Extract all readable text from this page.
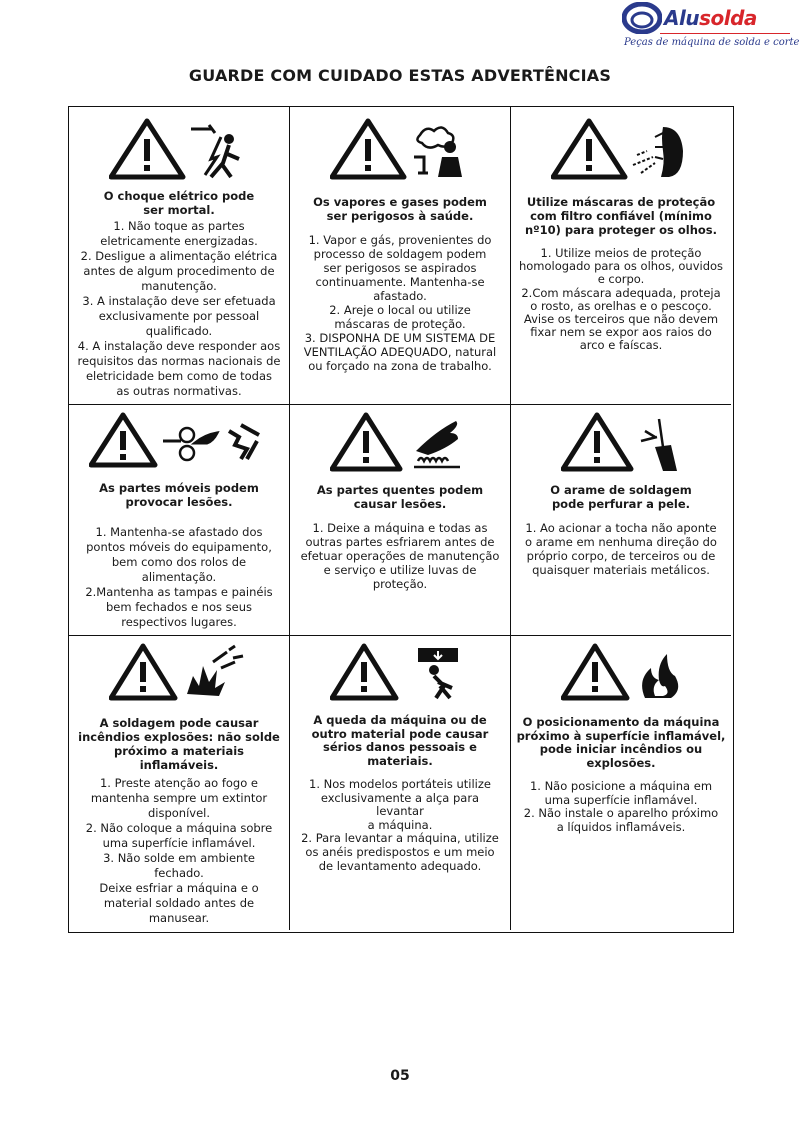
Alusolda
Peças de máquina de solda e corte
GUARDE COM CUIDADO ESTAS ADVERTÊNCIAS
O choque elétrico pode
ser mortal.

1. Não toque as partes

eletricamente energizadas.

2. Desligue a alimentação elétrica

antes de algum procedimento de

manutenção.

3. A instalação deve ser efetuada

exclusivamente por pessoal

qualificado.

4. A instalação deve responder aos

requisitos das normas nacionais de

eletricidade bem como de todas

as outras normativas.

Os vapores e gases podem
ser perigosos à saúde.

1. Vapor e gás, provenientes do

processo de soldagem podem

ser perigosos se aspirados

continuamente. Mantenha-se

afastado.

2. Areje o local ou utilize

máscaras de proteção.

3. DISPONHA DE UM SISTEMA DE

VENTILAÇÃO ADEQUADO, natural

ou forçado na zona de trabalho.

Utilize máscaras de proteção
com filtro confiável (mínimo
nº10) para proteger os olhos.

1. Utilize meios de proteção

homologado para os olhos, ouvidos

e corpo.

2.Com máscara adequada, proteja

o rosto, as orelhas e o pescoço.

Avise os terceiros que não devem

fixar nem se expor aos raios do

arco e faíscas.

As partes móveis podem
provocar lesões.

1. Mantenha-se afastado dos

pontos móveis do equipamento,

bem como dos rolos de

alimentação.

2.Mantenha as tampas e painéis

bem fechados e nos seus

respectivos lugares.

As partes quentes podem
causar lesões.

1. Deixe a máquina e todas as

outras partes esfriarem antes de

efetuar operações de manutenção

e serviço e utilize luvas de

proteção.

O arame de soldagem
pode perfurar a pele.

1. Ao acionar a tocha não aponte

o arame em nenhuma direção do

próprio corpo, de terceiros ou de

quaisquer materiais metálicos.

A soldagem pode causar
incêndios explosões: não solde
próximo a materiais inflamáveis.

1. Preste atenção ao fogo e

mantenha sempre um extintor

disponível.

2. Não coloque a máquina sobre

uma superfície inflamável.

3. Não solde em ambiente

fechado.

Deixe esfriar a máquina e o

material soldado antes de

manusear.

A queda da máquina ou de
outro material pode causar
sérios danos pessoais e
materiais.

1. Nos modelos portáteis utilize

exclusivamente a alça para

levantar

a máquina.

2. Para levantar a máquina, utilize

os anéis predispostos e um meio

de levantamento adequado.

O posicionamento da máquina
próximo à superfície inflamável,
pode iniciar incêndios ou
explosões.

1. Não posicione a máquina em

uma superfície inflamável.

2. Não instale o aparelho próximo

a líquidos inflamáveis.

05
